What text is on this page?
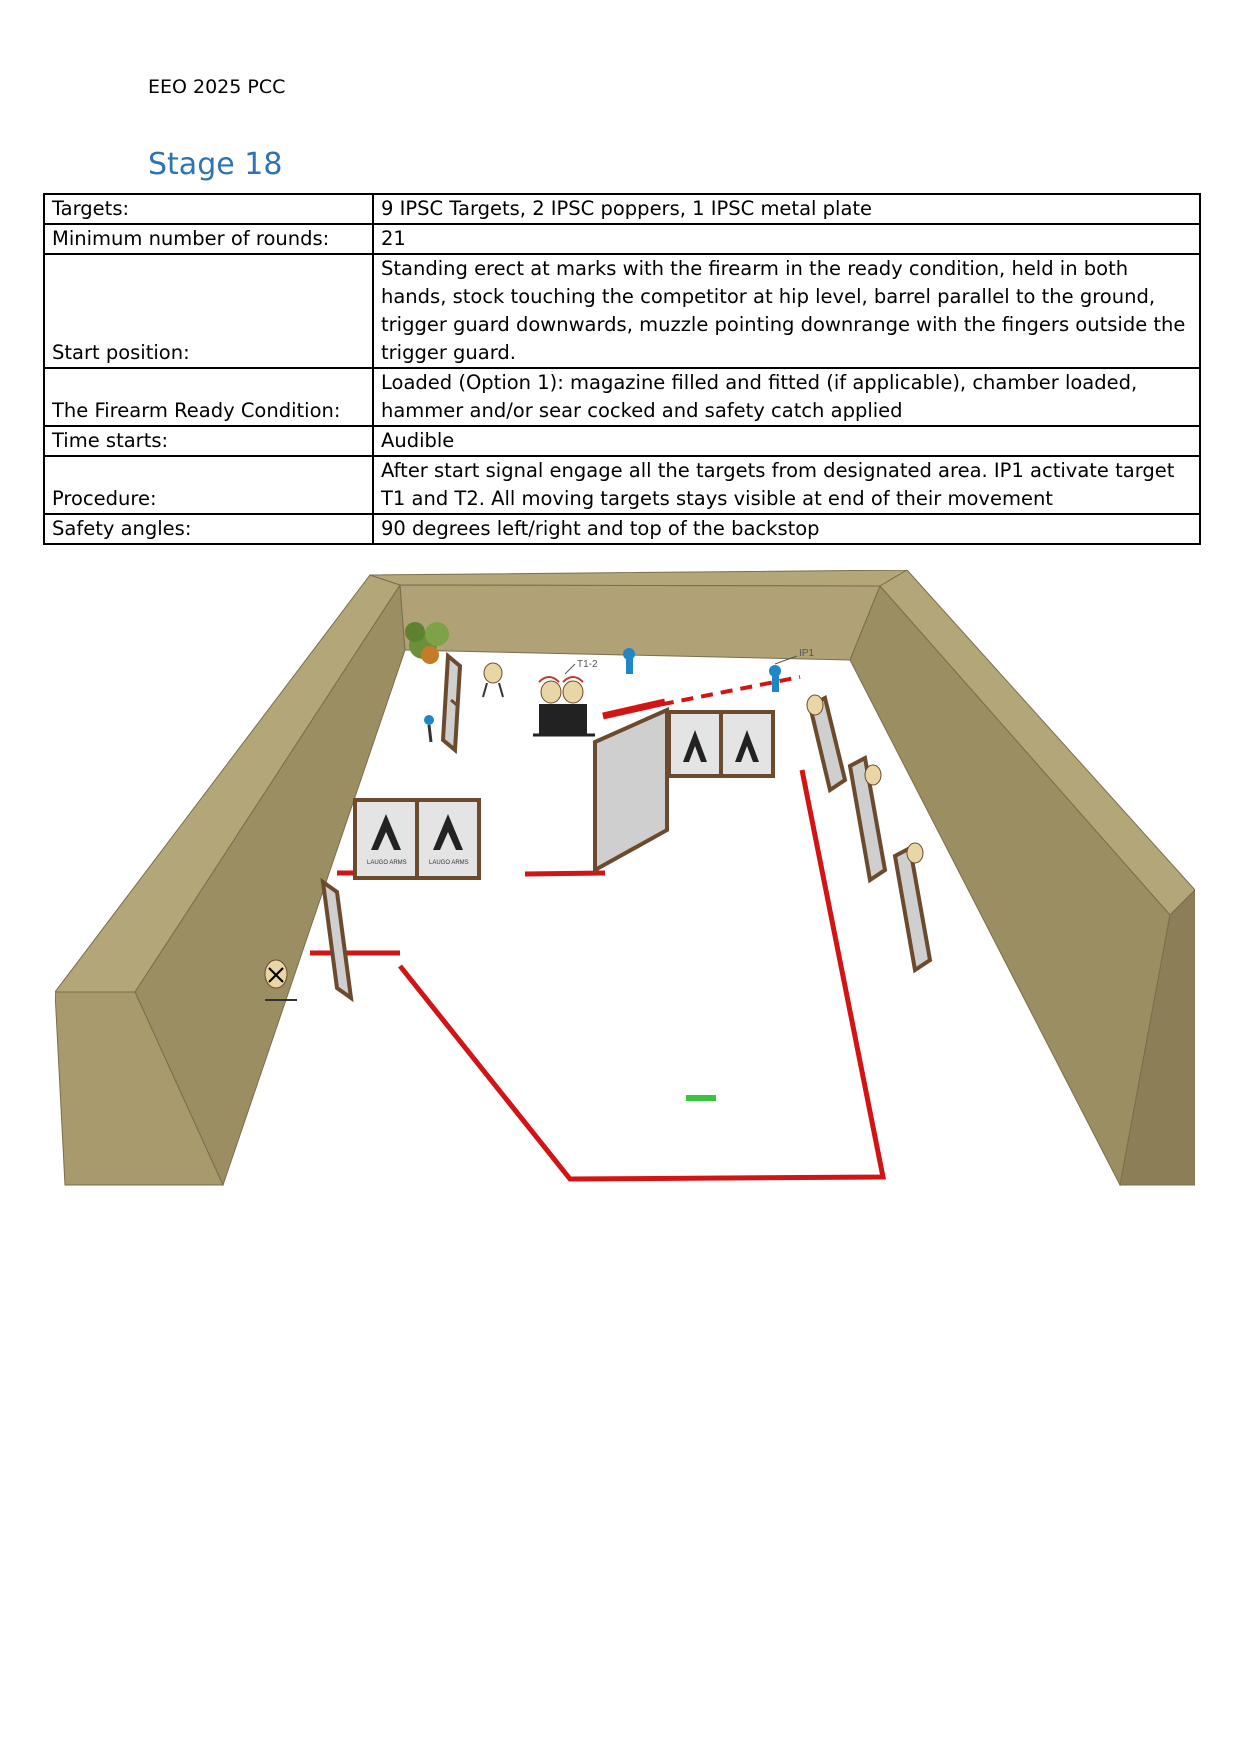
EEO 2025 PCC
Stage 18
Targets:	9 IPSC Targets, 2 IPSC poppers, 1 IPSC metal plate
Minimum number of rounds:	21
Start position:	Standing erect at marks with the firearm in the ready condition, held in both hands, stock touching the competitor at hip level, barrel parallel to the ground, trigger guard downwards, muzzle pointing downrange with the fingers outside the trigger guard.
The Firearm Ready Condition:	Loaded (Option 1): magazine filled and fitted (if applicable), chamber loaded, hammer and/or sear cocked and safety catch applied
Time starts:	Audible
Procedure:	After start signal engage all the targets from designated area. IP1 activate target T1 and T2. All moving targets stays visible at end of their movement
Safety angles:	90 degrees left/right and top of the backstop
T1-2
IP1
LAUGO ARMS	LAUGO ARMS
